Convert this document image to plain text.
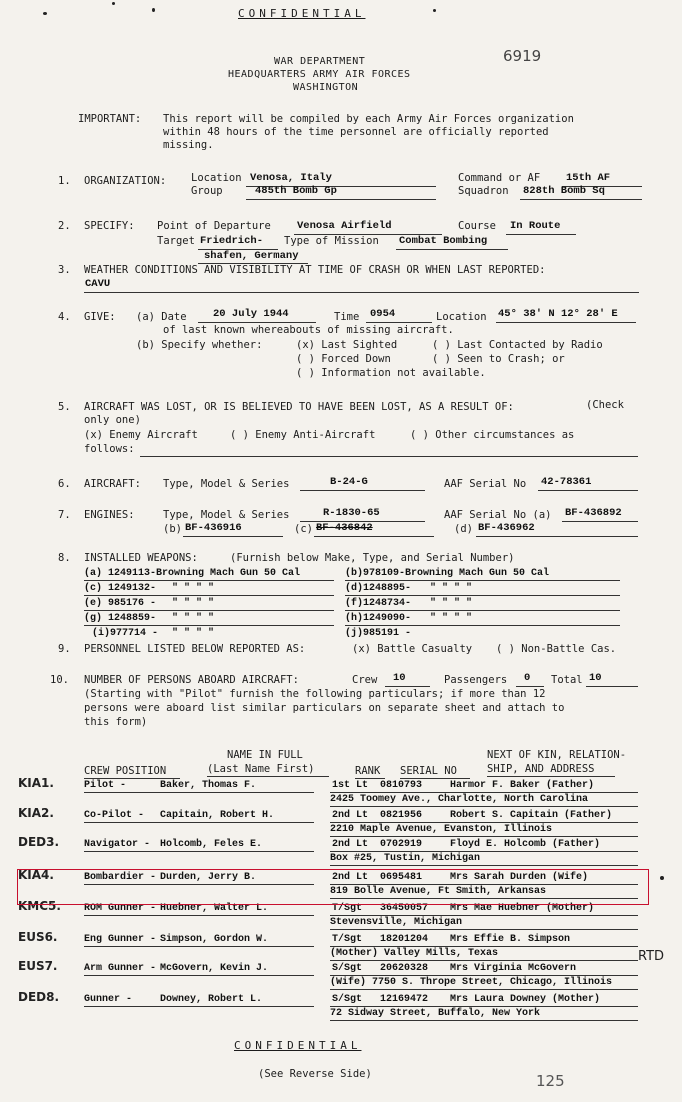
CONFIDENTIAL
WAR DEPARTMENT
HEADQUARTERS ARMY AIR FORCES
WASHINGTON
6919
IMPORTANT: This report will be compiled by each Army Air Forces organization
within 48 hours of the time personnel are officially reported
missing.
1. ORGANIZATION: Location Venosa, Italy
Group	485th Bomb Gp
Command or AF 15th AF
Squadron 828th Bomb Sq
2. SPECIFY: Point of Departure Venosa Airfield	Course In Route
Target Friedrich- Type of Mission Combat Bombing
shafen, Germany
3. WEATHER CONDITIONS AND VISIBILITY AT TIME OF CRASH OR WHEN LAST REPORTED:
CAVU
4. GIVE: (a) Date	20 July 1944	Time 0954	Location 45° 38' N 12° 28' E
of last known whereabouts of missing aircraft.
(b) Specify whether:	(x) Last Sighted	( ) Last Contacted by Radio
( ) Forced Down	( ) Seen to Crash; or
( ) Information not available.
5. AIRCRAFT WAS LOST, OR IS BELIEVED TO HAVE BEEN LOST, AS A RESULT OF:	(Check
only one)
(x) Enemy Aircraft	( ) Enemy Anti-Aircraft	( ) Other circumstances as
follows:
6. AIRCRAFT: Type, Model & Series	B-24-G	AAF Serial No 42-78361
7. ENGINES:	Type, Model & Series	R-1830-65	AAF Serial No (a) BF-436892
(b) BF-436916	(c) BF-436842	(d) BF-436962
8. INSTALLED WEAPONS:	(Furnish below Make, Type, and Serial Number)
(a) 1249113-Browning Mach Gun 50 Cal	(b)978109-Browning Mach Gun 50 Cal
(c) 1249132- " " " "	(d)1248895- " " " "
(e) 985176 - " " " "	(f)1248734- " " " "
(g) 1248859- " " " "	(h)1249090- " " " "
(i)977714 - " " " "	(j)985191 -
9. PERSONNEL LISTED BELOW REPORTED AS:	(x) Battle Casualty ( ) Non-Battle Cas.
10. NUMBER OF PERSONS ABOARD AIRCRAFT:	Crew 10	Passengers 0 Total 10
(Starting with "Pilot" furnish the following particulars; if more than 12
persons were aboard list similar particulars on separate sheet and attach to
this form)
NAME IN FULL
(Last Name First)
NEXT OF KIN, RELATION-
SHIP, AND ADDRESS
CREW POSITION	RANK SERIAL NO
KIA1.	Pilot -	Baker, Thomas F.	1st Lt 0810793	Harmor F. Baker (Father)
2425 Toomey Ave., Charlotte, North Carolina
KIA2.	Co-Pilot - Capitain, Robert H.	2nd Lt 0821956	Robert S. Capitain (Father)
2210 Maple Avenue, Evanston, Illinois
DED3. Navigator - Holcomb, Feles E.	2nd Lt 0702919	Floyd E. Holcomb (Father)
Box #25, Tustin, Michigan
KIA4.	Bombardier - Durden, Jerry B.	2nd Lt 0695481	Mrs Sarah Durden (Wife)
819 Bolle Avenue, Ft Smith, Arkansas
KMC5. ROM Gunner - Huebner, Walter L.	T/Sgt 36450057 Mrs Mae Huebner (Mother)
Stevensville, Michigan
EUS6.	Eng Gunner - Simpson, Gordon W.	T/Sgt 18201204 Mrs Effie B. Simpson
(Mother) Valley Mills, Texas
EUS7.	Arm Gunner - McGovern, Kevin J.	S/Sgt 20620328 Mrs Virginia McGovern
(Wife) 7750 S. Thrope Street, Chicago, Illinois
DED8. Gunner -	Downey, Robert L.	S/Sgt 12169472 Mrs Laura Downey (Mother)
72 Sidway Street, Buffalo, New York
RTD
CONFIDENTIAL
(See Reverse Side)	125
